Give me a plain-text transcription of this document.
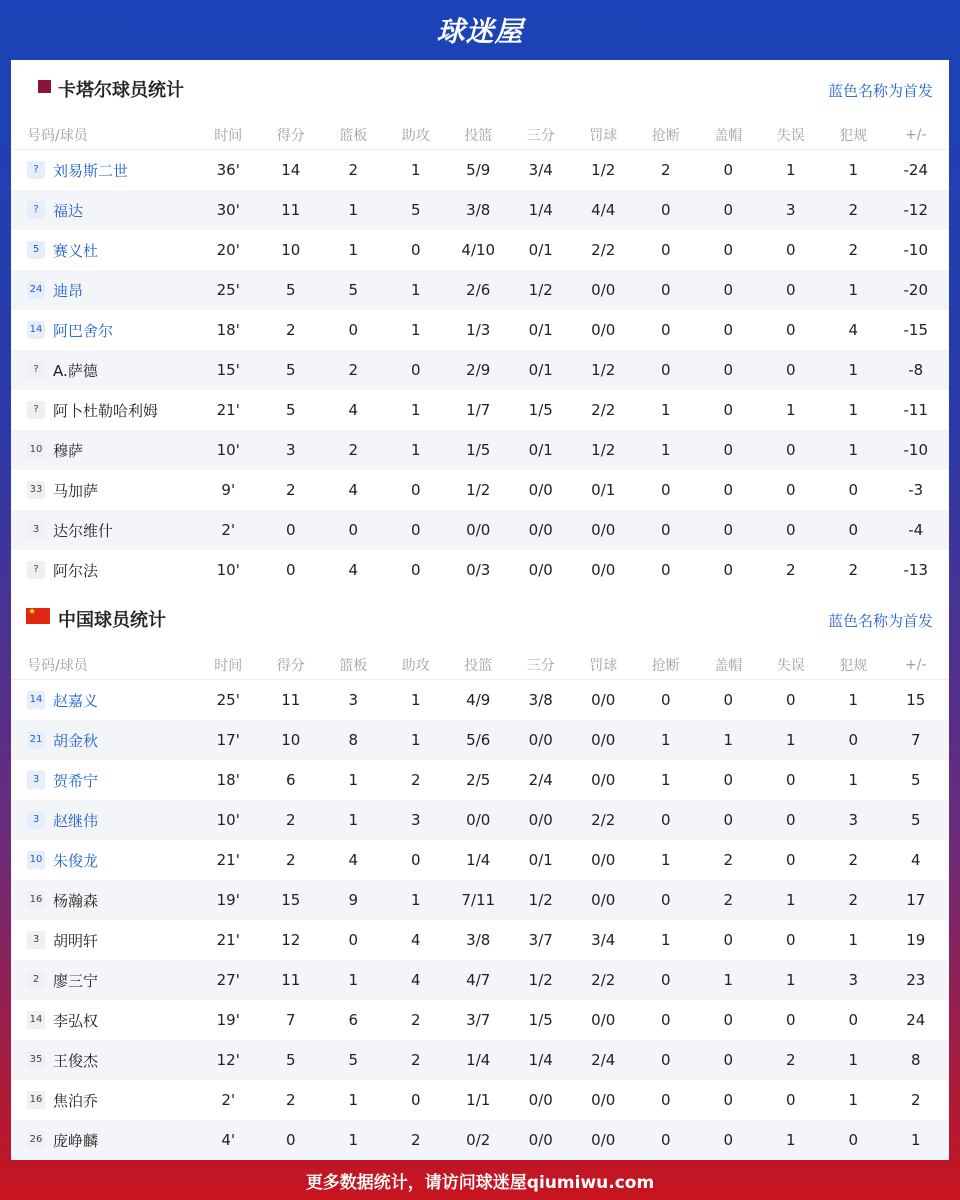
球迷屋
卡塔尔球员统计	蓝色名称为首发
号码/球员	时间	得分	篮板	助攻	投篮	三分	罚球	抢断	盖帽	失误	犯规	+/-
? 刘易斯二世	36'	14	2	1	5/9	3/4	1/2	2	0	1	1	-24
? 福达	30'	11	1	5	3/8	1/4	4/4	0	0	3	2	-12
5 赛义杜	20'	10	1	0	4/10	0/1	2/2	0	0	0	2	-10
24 迪昂	25'	5	5	1	2/6	1/2	0/0	0	0	0	1	-20
14 阿巴舍尔	18'	2	0	1	1/3	0/1	0/0	0	0	0	4	-15
? A.萨德	15'	5	2	0	2/9	0/1	1/2	0	0	0	1	-8
? 阿卜杜勒哈利姆	21'	5	4	1	1/7	1/5	2/2	1	0	1	1	-11
10 穆萨	10'	3	2	1	1/5	0/1	1/2	1	0	0	1	-10
33 马加萨	9'	2	4	0	1/2	0/0	0/1	0	0	0	0	-3
3 达尔维什	2'	0	0	0	0/0	0/0	0/0	0	0	0	0	-4
? 阿尔法	10'	0	4	0	0/3	0/0	0/0	0	0	2	2	-13
★
中国球员统计	蓝色名称为首发
号码/球员	时间	得分	篮板	助攻	投篮	三分	罚球	抢断	盖帽	失误	犯规	+/-
14 赵嘉义	25'	11	3	1	4/9	3/8	0/0	0	0	0	1	15
21 胡金秋	17'	10	8	1	5/6	0/0	0/0	1	1	1	0	7
3 贺希宁	18'	6	1	2	2/5	2/4	0/0	1	0	0	1	5
3 赵继伟	10'	2	1	3	0/0	0/0	2/2	0	0	0	3	5
10 朱俊龙	21'	2	4	0	1/4	0/1	0/0	1	2	0	2	4
16 杨瀚森	19'	15	9	1	7/11	1/2	0/0	0	2	1	2	17
3 胡明轩	21'	12	0	4	3/8	3/7	3/4	1	0	0	1	19
2 廖三宁	27'	11	1	4	4/7	1/2	2/2	0	1	1	3	23
14 李弘权	19'	7	6	2	3/7	1/5	0/0	0	0	0	0	24
35 王俊杰	12'	5	5	2	1/4	1/4	2/4	0	0	2	1	8
16 焦泊乔	2'	2	1	0	1/1	0/0	0/0	0	0	0	1	2
26 庞峥麟	4'	0	1	2	0/2	0/0	0/0	0	0	1	0	1
更多数据统计，请访问球迷屋qiumiwu.com
